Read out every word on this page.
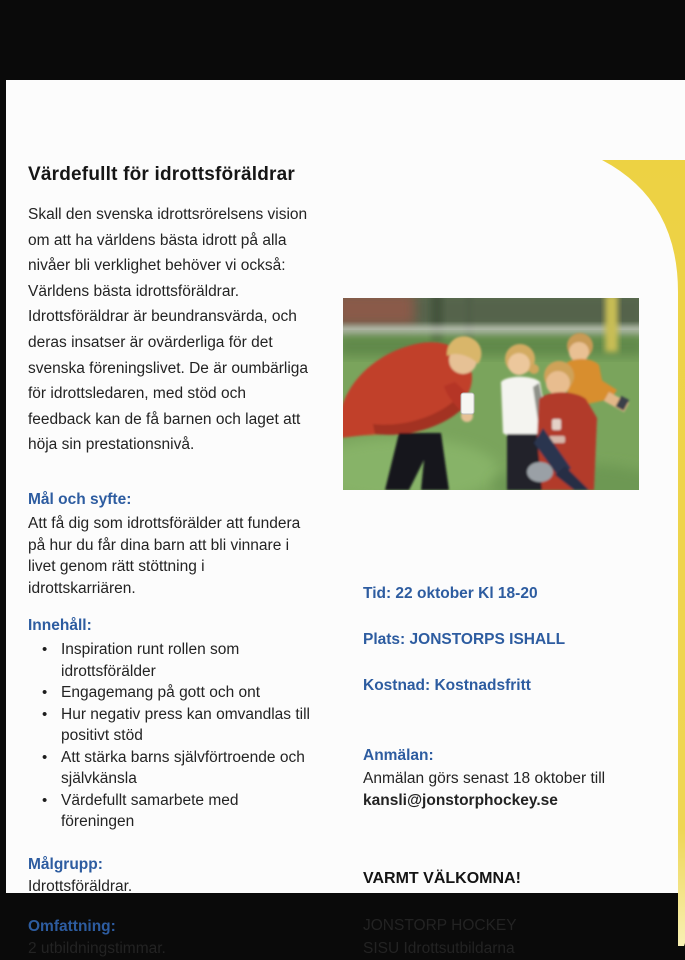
Värdefullt för idrottsföräldrar
Skall den svenska idrottsrörelsens vision
om att ha världens bästa idrott på alla
nivåer bli verklighet behöver vi också:
Världens bästa idrottsföräldrar.
Idrottsföräldrar är beundransvärda, och
deras insatser är ovärderliga för det
svenska föreningslivet. De är oumbärliga
för idrottsledaren, med stöd och
feedback kan de få barnen och laget att
höja sin prestationsnivå.
Mål och syfte:
Att få dig som idrottsförälder att fundera
på hur du får dina barn att bli vinnare i
livet genom rätt stöttning i
idrottskarriären.
Innehåll:
• Inspiration runt rollen som
idrottsförälder
• Engagemang på gott och ont
• Hur negativ press kan omvandlas till
positivt stöd
• Att stärka barns självförtroende och
självkänsla
• Värdefullt samarbete med
föreningen
Målgrupp:
Idrottsföräldrar.
Omfattning:
2 utbildningstimmar.
Tid: 22 oktober Kl 18-20
Plats: JONSTORPS ISHALL
Kostnad: Kostnadsfritt
Anmälan:
Anmälan görs senast 18 oktober till
kansli@jonstorphockey.se
VARMT VÄLKOMNA!
JONSTORP HOCKEY
SISU Idrottsutbildarna
